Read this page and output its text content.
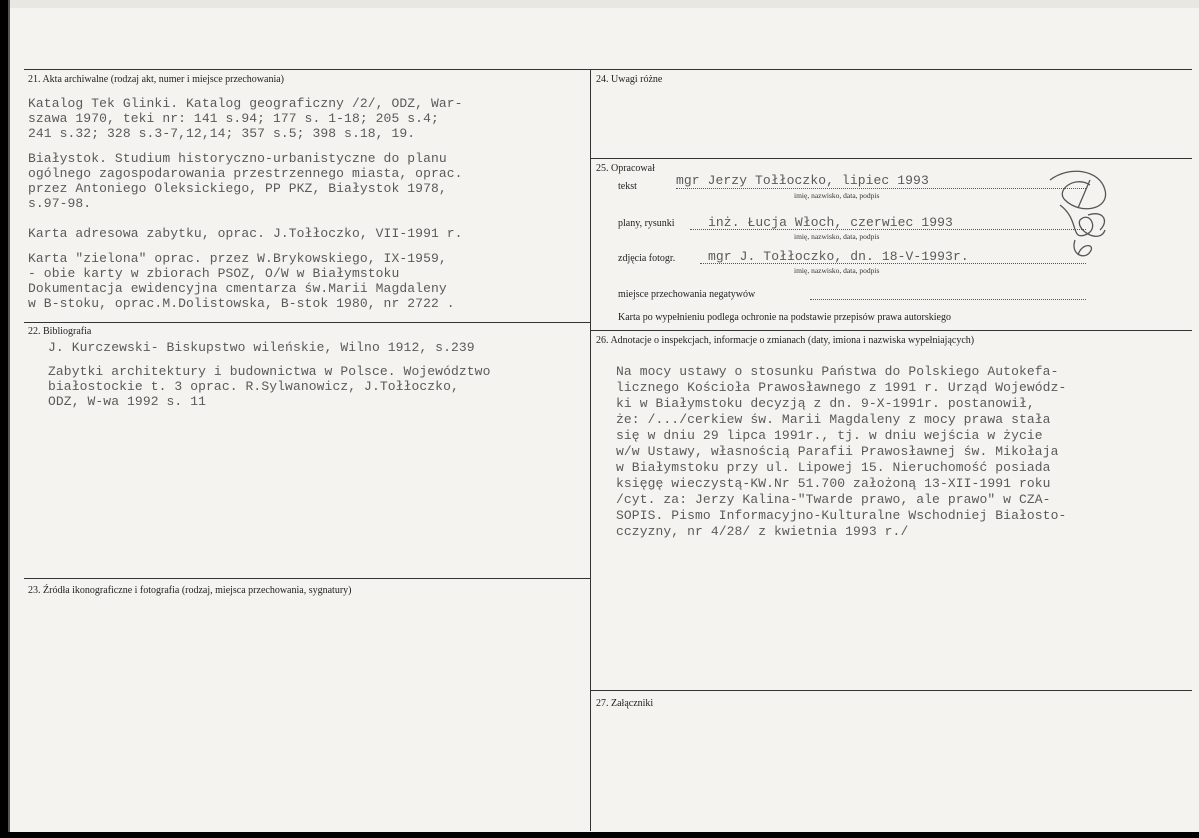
21. Akta archiwalne (rodzaj akt, numer i miejsce przechowania)
Katalog Tek Glinki. Katalog geograficzny /2/, ODZ, War-
szawa 1970, teki nr: 141 s.94; 177 s. 1-18; 205 s.4;
241 s.32; 328 s.3-7,12,14; 357 s.5; 398 s.18, 19.
Białystok. Studium historyczno-urbanistyczne do planu
ogólnego zagospodarowania przestrzennego miasta, oprac.
przez Antoniego Oleksickiego, PP PKZ, Białystok 1978,
s.97-98.
Karta adresowa zabytku, oprac. J.Tołłoczko, VII-1991 r.
Karta "zielona" oprac. przez W.Brykowskiego, IX-1959,
- obie karty w zbiorach PSOZ, O/W w Białymstoku
Dokumentacja ewidencyjna cmentarza św.Marii Magdaleny
w B-stoku, oprac.M.Dolistowska, B-stok 1980, nr 2722 .
22. Bibliografia
J. Kurczewski- Biskupstwo wileńskie, Wilno 1912, s.239
Zabytki architektury i budownictwa w Polsce. Województwo
białostockie t. 3 oprac. R.Sylwanowicz, J.Tołłoczko,
ODZ, W-wa 1992 s. 11
23. Źródła ikonograficzne i fotografia (rodzaj, miejsca przechowania, sygnatury)
24. Uwagi różne
25. Opracował
tekst	mgr Jerzy Tołłoczko, lipiec 1993
imię, nazwisko, data, podpis
plany, rysunki	inż. Łucja Włoch, czerwiec 1993
imię, nazwisko, data, podpis
zdjęcia fotogr.	mgr J. Tołłoczko, dn. 18-V-1993r.
imię, nazwisko, data, podpis
miejsce przechowania negatywów
Karta po wypełnieniu podlega ochronie na podstawie przepisów prawa autorskiego
26. Adnotacje o inspekcjach, informacje o zmianach (daty, imiona i nazwiska wypełniających)
Na mocy ustawy o stosunku Państwa do Polskiego Autokefa-
licznego Kościoła Prawosławnego z 1991 r. Urząd Wojewódz-
ki w Białymstoku decyzją z dn. 9-X-1991r. postanowił,
że: /.../cerkiew św. Marii Magdaleny z mocy prawa stała
się w dniu 29 lipca 1991r., tj. w dniu wejścia w życie
w/w Ustawy, własnością Parafii Prawosławnej św. Mikołaja
w Białymstoku przy ul. Lipowej 15. Nieruchomość posiada
księgę wieczystą-KW.Nr 51.700 założoną 13-XII-1991 roku
/cyt. za: Jerzy Kalina-"Twarde prawo, ale prawo" w CZA-
SOPIS. Pismo Informacyjno-Kulturalne Wschodniej Białosto-
cczyzny, nr 4/28/ z kwietnia 1993 r./
27. Załączniki
